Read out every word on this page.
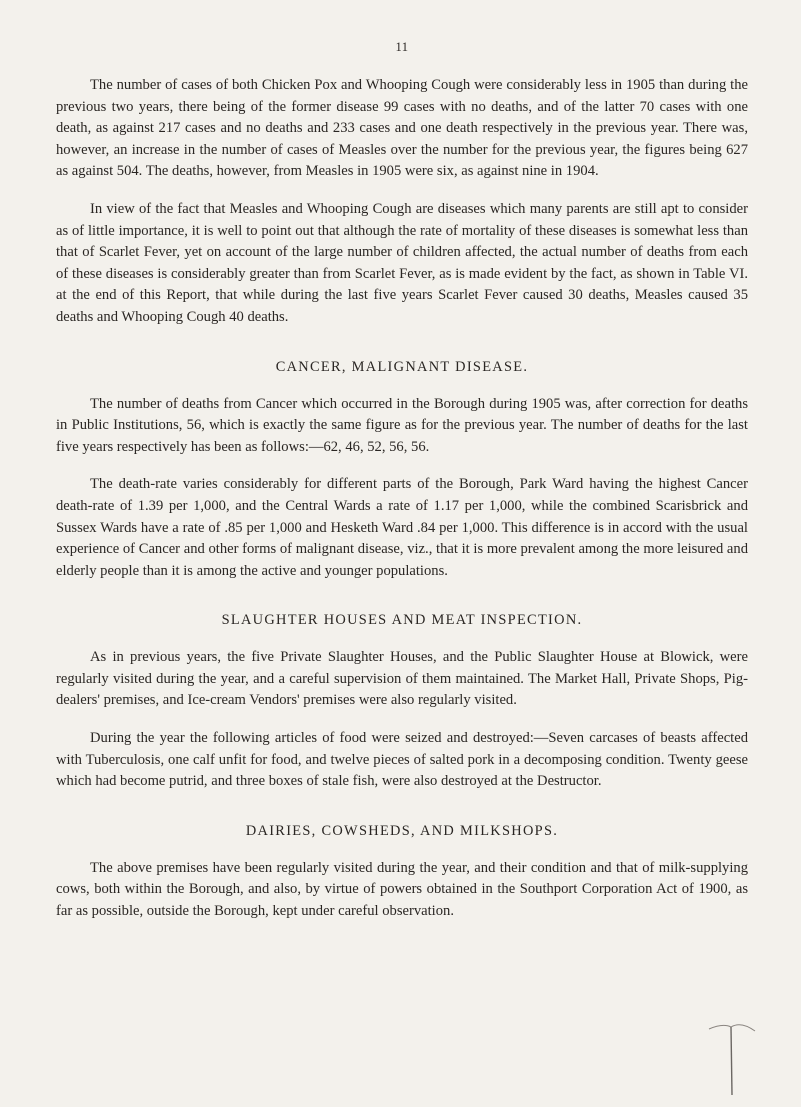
11

The number of cases of both Chicken Pox and Whooping Cough were considerably less in 1905 than during the previous two years, there being of the former disease 99 cases with no deaths, and of the latter 70 cases with one death, as against 217 cases and no deaths and 233 cases and one death respectively in the previous year. There was, however, an increase in the number of cases of Measles over the number for the previous year, the figures being 627 as against 504. The deaths, however, from Measles in 1905 were six, as against nine in 1904.

In view of the fact that Measles and Whooping Cough are diseases which many parents are still apt to consider as of little importance, it is well to point out that although the rate of mortality of these diseases is somewhat less than that of Scarlet Fever, yet on account of the large number of children affected, the actual number of deaths from each of these diseases is considerably greater than from Scarlet Fever, as is made evident by the fact, as shown in Table VI. at the end of this Report, that while during the last five years Scarlet Fever caused 30 deaths, Measles caused 35 deaths and Whooping Cough 40 deaths.

CANCER, MALIGNANT DISEASE.

The number of deaths from Cancer which occurred in the Borough during 1905 was, after correction for deaths in Public Institutions, 56, which is exactly the same figure as for the previous year. The number of deaths for the last five years respectively has been as follows:—62, 46, 52, 56, 56.

The death-rate varies considerably for different parts of the Borough, Park Ward having the highest Cancer death-rate of 1.39 per 1,000, and the Central Wards a rate of 1.17 per 1,000, while the combined Scarisbrick and Sussex Wards have a rate of .85 per 1,000 and Hesketh Ward .84 per 1,000. This difference is in accord with the usual experience of Cancer and other forms of malignant disease, viz., that it is more prevalent among the more leisured and elderly people than it is among the active and younger populations.

SLAUGHTER HOUSES AND MEAT INSPECTION.

As in previous years, the five Private Slaughter Houses, and the Public Slaughter House at Blowick, were regularly visited during the year, and a careful supervision of them maintained. The Market Hall, Private Shops, Pig-dealers' premises, and Ice-cream Vendors' premises were also regularly visited.

During the year the following articles of food were seized and destroyed:—Seven carcases of beasts affected with Tuberculosis, one calf unfit for food, and twelve pieces of salted pork in a decomposing condition. Twenty geese which had become putrid, and three boxes of stale fish, were also destroyed at the Destructor.

DAIRIES, COWSHEDS, AND MILKSHOPS.

The above premises have been regularly visited during the year, and their condition and that of milk-supplying cows, both within the Borough, and also, by virtue of powers obtained in the Southport Corporation Act of 1900, as far as possible, outside the Borough, kept under careful observation.
